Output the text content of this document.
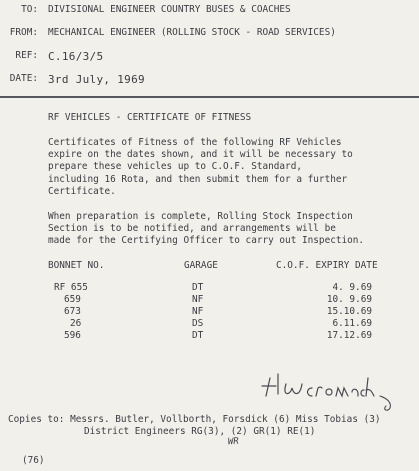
TO: DIVISIONAL ENGINEER COUNTRY BUSES & COACHES
FROM: MECHANICAL ENGINEER (ROLLING STOCK - ROAD SERVICES)
REF: C.16/3/5
DATE: 3rd July, 1969
RF VEHICLES - CERTIFICATE OF FITNESS
Certificates of Fitness of the following RF Vehicles
expire on the dates shown, and it will be necessary to
prepare these vehicles up to C.O.F. Standard,
including 16 Rota, and then submit them for a further
Certificate.
When preparation is complete, Rolling Stock Inspection
Section is to be notified, and arrangements will be
made for the Certifying Officer to carry out Inspection.
BONNET NO.	GARAGE	C.O.F. EXPIRY DATE
RF 655	DT	4. 9.69
659	NF	10. 9.69
673	NF	15.10.69
26	DS	6.11.69
596	DT	17.12.69
Copies to: Messrs. Butler, Vollborth, Forsdick (6) Miss Tobias (3)
District Engineers RG(3), (2) GR(1) RE(1)
WR
(76)
